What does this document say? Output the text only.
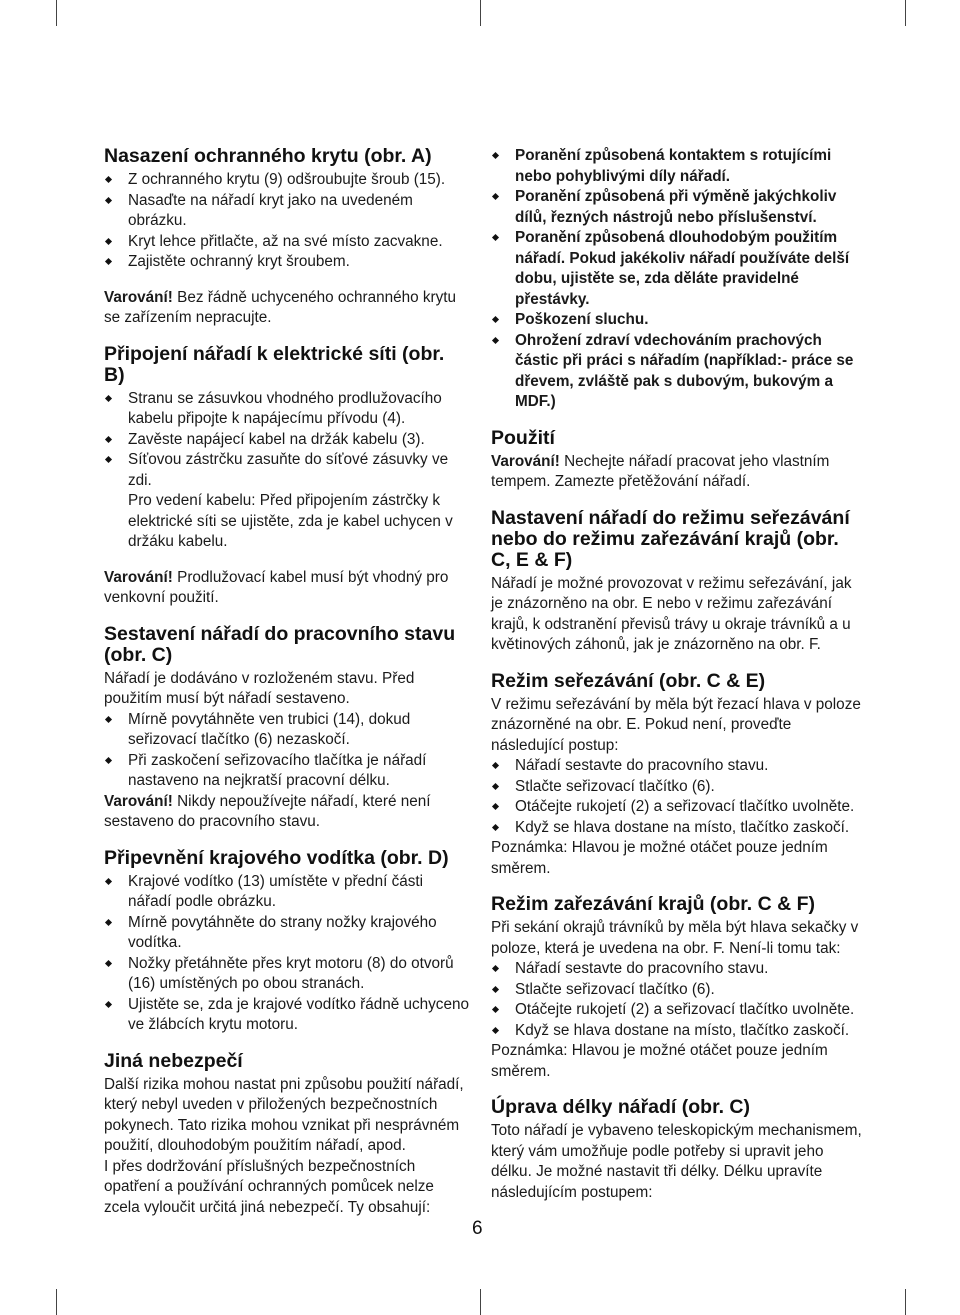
Nasazení ochranného krytu (obr. A)
Z ochranného krytu (9) odšroubujte šroub (15).
Nasaďte na nářadí kryt jako na uvedeném obrázku.
Kryt lehce přitlačte, až na své místo zacvakne.
Zajistěte ochranný kryt šroubem.

Varování! Bez řádně uchyceného ochranného krytu se zařízením nepracujte.

Připojení nářadí k elektrické síti (obr. B)
Stranu se zásuvkou vhodného prodlužovacího kabelu připojte k napájecímu přívodu (4).
Zavěste napájecí kabel na držák kabelu (3).
Síťovou zástrčku zasuňte do síťové zásuvky ve zdi.

Pro vedení kabelu: Před připojením zástrčky k elektrické síti se ujistěte, zda je kabel uchycen v držáku kabelu.

Varování! Prodlužovací kabel musí být vhodný pro venkovní použití.

Sestavení nářadí do pracovního stavu (obr. C)

Nářadí je dodáváno v rozloženém stavu. Před použitím musí být nářadí sestaveno.

Mírně povytáhněte ven trubici (14), dokud seřizovací tlačítko (6) nezaskočí.
Při zaskočení seřizovacího tlačítka je nářadí nastaveno na nejkratší pracovní délku.

Varování! Nikdy nepoužívejte nářadí, které není sestaveno do pracovního stavu.

Připevnění krajového vodítka (obr. D)
Krajové vodítko (13) umístěte v přední části nářadí podle obrázku.
Mírně povytáhněte do strany nožky krajového vodítka.
Nožky přetáhněte přes kryt motoru (8) do otvorů (16) umístěných po obou stranách.
Ujistěte se, zda je krajové vodítko řádně uchyceno ve žlábcích krytu motoru.
Jiná nebezpečí

Další rizika mohou nastat pni způsobu použití nářadí, který nebyl uveden v přiložených bezpečnostních pokynech. Tato rizika mohou vznikat při nesprávném použití, dlouhodobým použitím nářadí, apod.

I přes dodržování příslušných bezpečnostních opatření a používání ochranných pomůcek nelze zcela vyloučit určitá jiná nebezpečí. Ty obsahují:

Poranění způsobená kontaktem s rotujícími nebo pohyblivými díly nářadí.
Poranění způsobená při výměně jakýchkoliv dílů, řezných nástrojů nebo příslušenství.
Poranění způsobená dlouhodobým použitím nářadí. Pokud jakékoliv nářadí používáte delší dobu, ujistěte se, zda děláte pravidelné přestávky.
Poškození sluchu.
Ohrožení zdraví vdechováním prachových částic při práci s nářadím (například:- práce se dřevem, zvláště pak s dubovým, bukovým a MDF.)
Použití

Varování! Nechejte nářadí pracovat jeho vlastním tempem. Zamezte přetěžování nářadí.

Nastavení nářadí do režimu seřezávání nebo do režimu zařezávání krajů (obr. C, E & F)

Nářadí je možné provozovat v režimu seřezávání, jak je znázorněno na obr. E nebo v režimu zařezávání krajů, k odstranění převisů trávy u okraje trávníků a u květinových záhonů, jak je znázorněno na obr. F.

Režim seřezávání (obr. C & E)

V režimu seřezávání by měla být řezací hlava v poloze znázorněné na obr. E. Pokud není, proveďte následující postup:

Nářadí sestavte do pracovního stavu.
Stlačte seřizovací tlačítko (6).
Otáčejte rukojetí (2) a seřizovací tlačítko uvolněte.
Když se hlava dostane na místo, tlačítko zaskočí.

Poznámka: Hlavou je možné otáčet pouze jedním směrem.

Režim zařezávání krajů (obr. C & F)

Při sekání okrajů trávníků by měla být hlava sekačky v poloze, která je uvedena na obr. F. Není-li tomu tak:

Nářadí sestavte do pracovního stavu.
Stlačte seřizovací tlačítko (6).
Otáčejte rukojetí (2) a seřizovací tlačítko uvolněte.
Když se hlava dostane na místo, tlačítko zaskočí.

Poznámka: Hlavou je možné otáčet pouze jedním směrem.

Úprava délky nářadí (obr. C)

Toto nářadí je vybaveno teleskopickým mechanismem, který vám umožňuje podle potřeby si upravit jeho délku. Je možné nastavit tři délky. Délku upravíte následujícím postupem:

6
